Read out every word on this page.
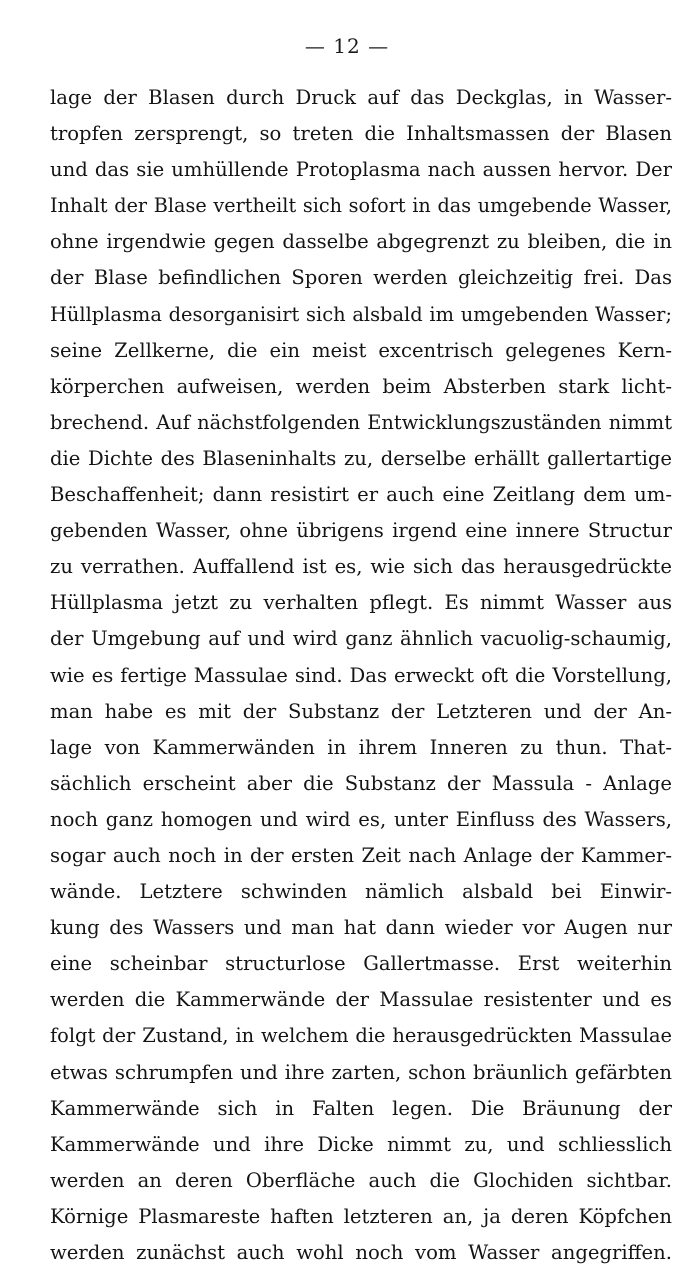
— 12 —
lage der Blasen durch Druck auf das Deckglas, in Wasser-
tropfen zersprengt, so treten die Inhaltsmassen der Blasen
und das sie umhüllende Protoplasma nach aussen hervor. Der
Inhalt der Blase vertheilt sich sofort in das umgebende Wasser,
ohne irgendwie gegen dasselbe abgegrenzt zu bleiben, die in
der Blase befindlichen Sporen werden gleichzeitig frei. Das
Hüllplasma desorganisirt sich alsbald im umgebenden Wasser;
seine Zellkerne, die ein meist excentrisch gelegenes Kern-
körperchen aufweisen, werden beim Absterben stark licht-
brechend. Auf nächstfolgenden Entwicklungszuständen nimmt
die Dichte des Blaseninhalts zu, derselbe erhällt gallertartige
Beschaffenheit; dann resistirt er auch eine Zeitlang dem um-
gebenden Wasser, ohne übrigens irgend eine innere Structur
zu verrathen. Auffallend ist es, wie sich das herausgedrückte
Hüllplasma jetzt zu verhalten pflegt. Es nimmt Wasser aus
der Umgebung auf und wird ganz ähnlich vacuolig-schaumig,
wie es fertige Massulae sind. Das erweckt oft die Vorstellung,
man habe es mit der Substanz der Letzteren und der An-
lage von Kammerwänden in ihrem Inneren zu thun. That-
sächlich erscheint aber die Substanz der Massula - Anlage
noch ganz homogen und wird es, unter Einfluss des Wassers,
sogar auch noch in der ersten Zeit nach Anlage der Kammer-
wände. Letztere schwinden nämlich alsbald bei Einwir-
kung des Wassers und man hat dann wieder vor Augen nur
eine scheinbar structurlose Gallertmasse. Erst weiterhin
werden die Kammerwände der Massulae resistenter und es
folgt der Zustand, in welchem die herausgedrückten Massulae
etwas schrumpfen und ihre zarten, schon bräunlich gefärbten
Kammerwände sich in Falten legen. Die Bräunung der
Kammerwände und ihre Dicke nimmt zu, und schliesslich
werden an deren Oberfläche auch die Glochiden sichtbar.
Körnige Plasmareste haften letzteren an, ja deren Köpfchen
werden zunächst auch wohl noch vom Wasser angegriffen.
